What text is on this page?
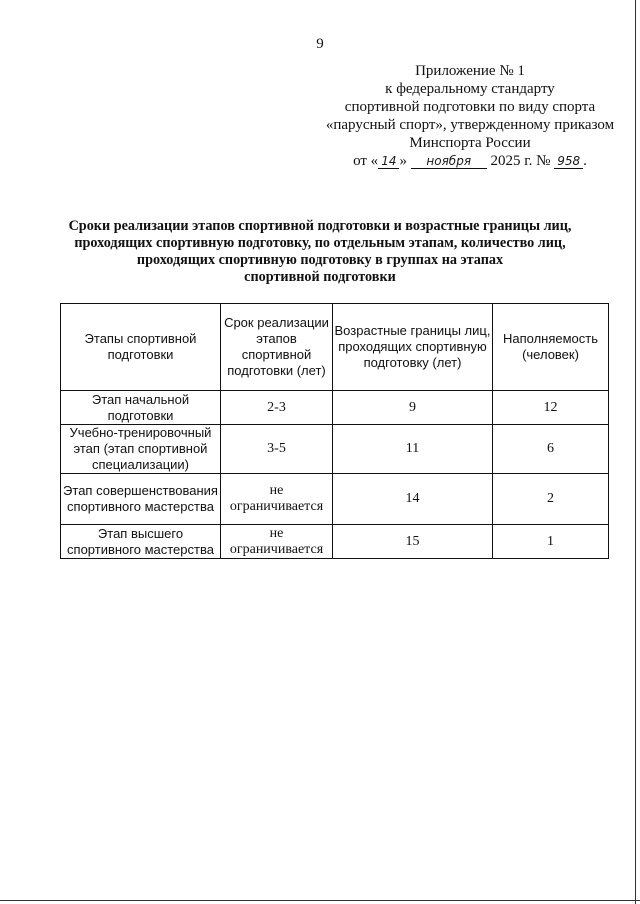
9
Приложение № 1
к федеральному стандарту
спортивной подготовки по виду спорта
«парусный спорт», утвержденному приказом
Минспорта России
от « 14 » ноября 2025 г. № 958 .
Сроки реализации этапов спортивной подготовки и возрастные границы лиц,
проходящих спортивную подготовку, по отдельным этапам, количество лиц,
проходящих спортивную подготовку в группах на этапах
спортивной подготовки
Этапы спортивной подготовки	Срок реализации этапов спортивной подготовки (лет)	Возрастные границы лиц, проходящих спортивную подготовку (лет)	Наполняемость (человек)
Этап начальной подготовки	2-3	9	12
Учебно-тренировочный этап (этап спортивной специализации)	3-5	11	6
Этап совершенствования спортивного мастерства	не ограничивается	14	2
Этап высшего спортивного мастерства	не ограничивается	15	1
